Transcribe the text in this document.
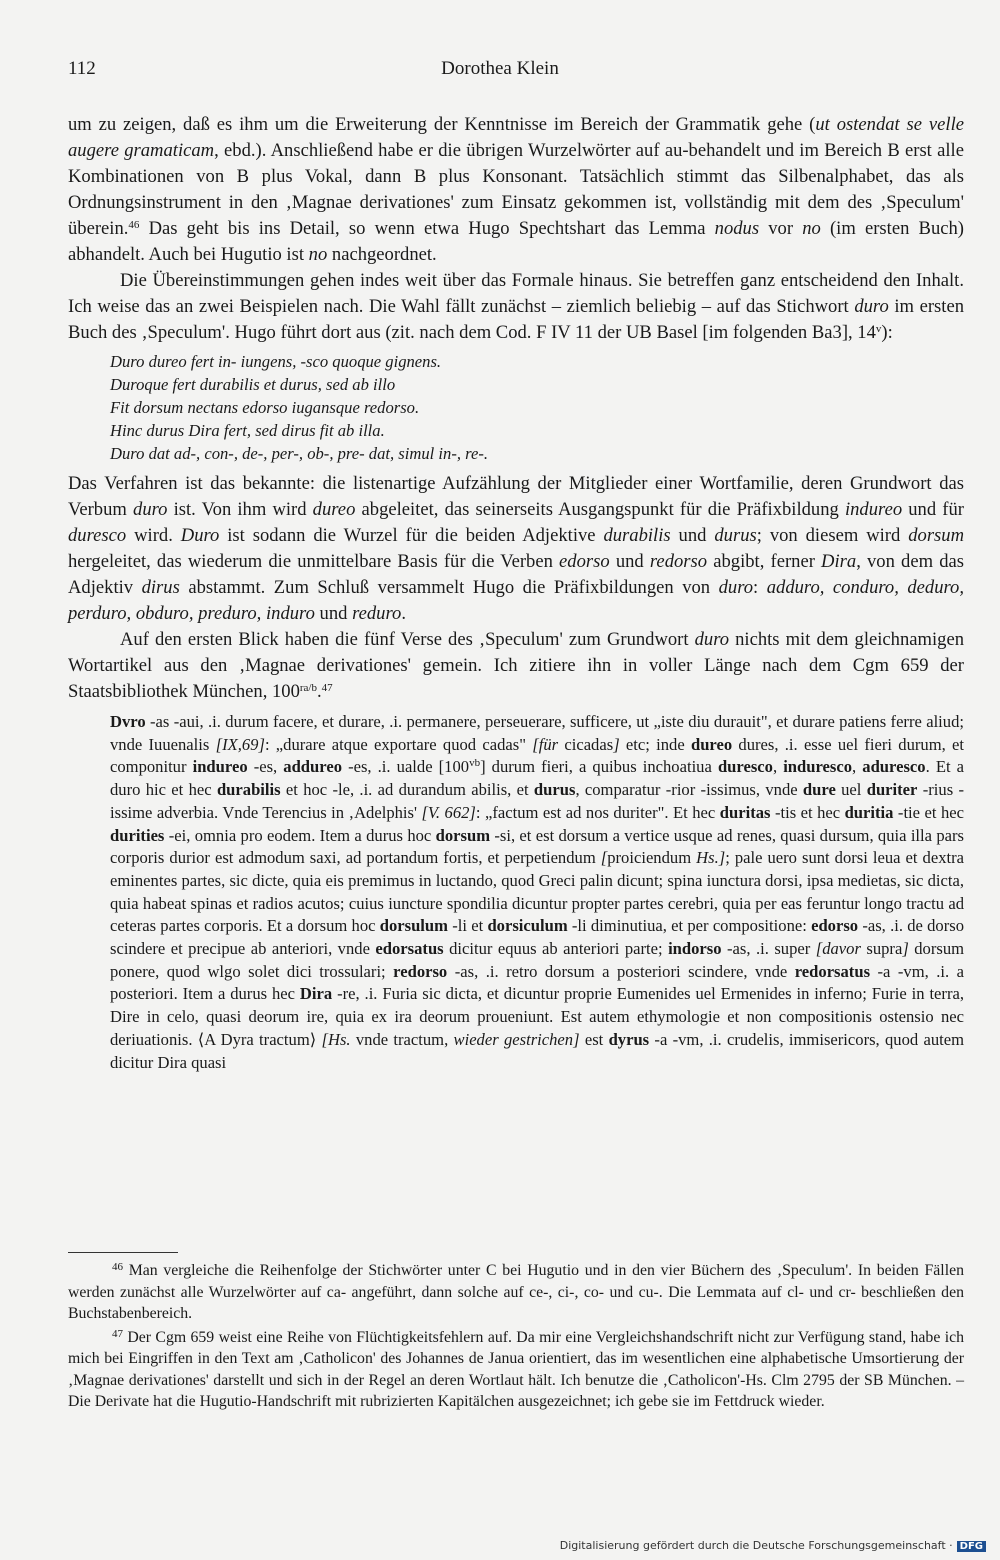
112	Dorothea Klein

um zu zeigen, daß es ihm um die Erweiterung der Kenntnisse im Bereich der Grammatik gehe (ut ostendat se velle augere gramaticam, ebd.). Anschließend habe er die übrigen Wurzelwörter auf au-behandelt und im Bereich B erst alle Kombinationen von B plus Vokal, dann B plus Konsonant. Tatsächlich stimmt das Silbenalphabet, das als Ordnungsinstrument in den ‚Magnae derivationes' zum Einsatz gekommen ist, vollständig mit dem des ‚Speculum' überein.$^{46}$ Das geht bis ins Detail, so wenn etwa Hugo Spechtshart das Lemma nodus vor no (im ersten Buch) abhandelt. Auch bei Hugutio ist no nachgeordnet.

Die Übereinstimmungen gehen indes weit über das Formale hinaus. Sie betreffen ganz entscheidend den Inhalt. Ich weise das an zwei Beispielen nach. Die Wahl fällt zunächst – ziemlich beliebig – auf das Stichwort duro im ersten Buch des ‚Speculum'. Hugo führt dort aus (zit. nach dem Cod. F IV 11 der UB Basel [im folgenden Ba3], 14$^v$):

Duro dureo fert in- iungens, -sco quoque gignens.
Duroque fert durabilis et durus, sed ab illo
Fit dorsum nectans edorso iugansque redorso.
Hinc durus Dira fert, sed dirus fit ab illa.
Duro dat ad-, con-, de-, per-, ob-, pre- dat, simul in-, re-.

Das Verfahren ist das bekannte: die listenartige Aufzählung der Mitglieder einer Wortfamilie, deren Grundwort das Verbum duro ist. Von ihm wird dureo abgeleitet, das seinerseits Ausgangspunkt für die Präfixbildung indureo und für duresco wird. Duro ist sodann die Wurzel für die beiden Adjektive durabilis und durus; von diesem wird dorsum hergeleitet, das wiederum die unmittelbare Basis für die Verben edorso und redorso abgibt, ferner Dira, von dem das Adjektiv dirus abstammt. Zum Schluß versammelt Hugo die Präfixbildungen von duro: adduro, conduro, deduro, perduro, obduro, preduro, induro und reduro.

Auf den ersten Blick haben die fünf Verse des ‚Speculum' zum Grundwort duro nichts mit dem gleichnamigen Wortartikel aus den ‚Magnae derivationes' gemein. Ich zitiere ihn in voller Länge nach dem Cgm 659 der Staatsbibliothek München, $100^{ra/b}.^{47}$

Dvro -as -aui, .i. durum facere, et durare, .i. permanere, perseuerare, sufficere, ut „iste diu durauit", et durare patiens ferre aliud; vnde Iuuenalis [IX,69]: „durare atque exportare quod cadas" [für cicadas] etc; inde dureo dures, .i. esse uel fieri durum, et componitur indureo -es, addureo -es, .i. ualde $[100^{vb}]$ durum fieri, a quibus inchoatiua duresco, induresco, aduresco. Et a duro hic et hec durabilis et hoc -le, .i. ad durandum abilis, et durus, comparatur -rior -issimus, vnde dure uel duriter -rius -issime adverbia. Vnde Terencius in ‚Adelphis' [V. 662]: „factum est ad nos duriter". Et hec duritas -tis et hec duritia -tie et hec durities -ei, omnia pro eodem. Item a durus hoc dorsum -si, et est dorsum a vertice usque ad renes, quasi dursum, quia illa pars corporis durior est admodum saxi, ad portandum fortis, et perpetiendum [proiciendum Hs.]; pale uero sunt dorsi leua et dextra eminentes partes, sic dicte, quia eis premimus in luctando, quod Greci palin dicunt; spina iunctura dorsi, ipsa medietas, sic dicta, quia habeat spinas et radios acutos; cuius iuncture spondilia dicuntur propter partes cerebri, quia per eas feruntur longo tractu ad ceteras partes corporis. Et a dorsum hoc dorsulum -li et dorsiculum -li diminutiua, et per compositione: edorso -as, .i. de dorso scindere et precipue ab anteriori, vnde edorsatus dicitur equus ab anteriori parte; indorso -as, .i. super [davor supra] dorsum ponere, quod wlgo solet dici trossulari; redorso -as, .i. retro dorsum a posteriori scindere, vnde redorsatus -a -vm, .i. a posteriori. Item a durus hec Dira -re, .i. Furia sic dicta, et dicuntur proprie Eumenides uel Ermenides in inferno; Furie in terra, Dire in celo, quasi deorum ire, quia ex ira deorum proueniunt. Est autem ethymologie et non compositionis ostensio nec deriuationis. ⟨A Dyra tractum⟩ [Hs. vnde tractum, wieder gestrichen] est dyrus -a -vm, .i. crudelis, immisericors, quod autem dicitur Dira quasi

$^{46}$ Man vergleiche die Reihenfolge der Stichwörter unter C bei Hugutio und in den vier Büchern des ‚Speculum'. In beiden Fällen werden zunächst alle Wurzelwörter auf ca- angeführt, dann solche auf ce-, ci-, co- und cu-. Die Lemmata auf cl- und cr- beschließen den Buchstabenbereich.

$^{47}$ Der Cgm 659 weist eine Reihe von Flüchtigkeitsfehlern auf. Da mir eine Vergleichshandschrift nicht zur Verfügung stand, habe ich mich bei Eingriffen in den Text am ‚Catholicon' des Johannes de Janua orientiert, das im wesentlichen eine alphabetische Umsortierung der ‚Magnae derivationes' darstellt und sich in der Regel an deren Wortlaut hält. Ich benutze die ‚Catholicon'-Hs. Clm 2795 der SB München. – Die Derivate hat die Hugutio-Handschrift mit rubrizierten Kapitälchen ausgezeichnet; ich gebe sie im Fettdruck wieder.

Digitalisierung gefördert durch die Deutsche Forschungsgemeinschaft · DFG
